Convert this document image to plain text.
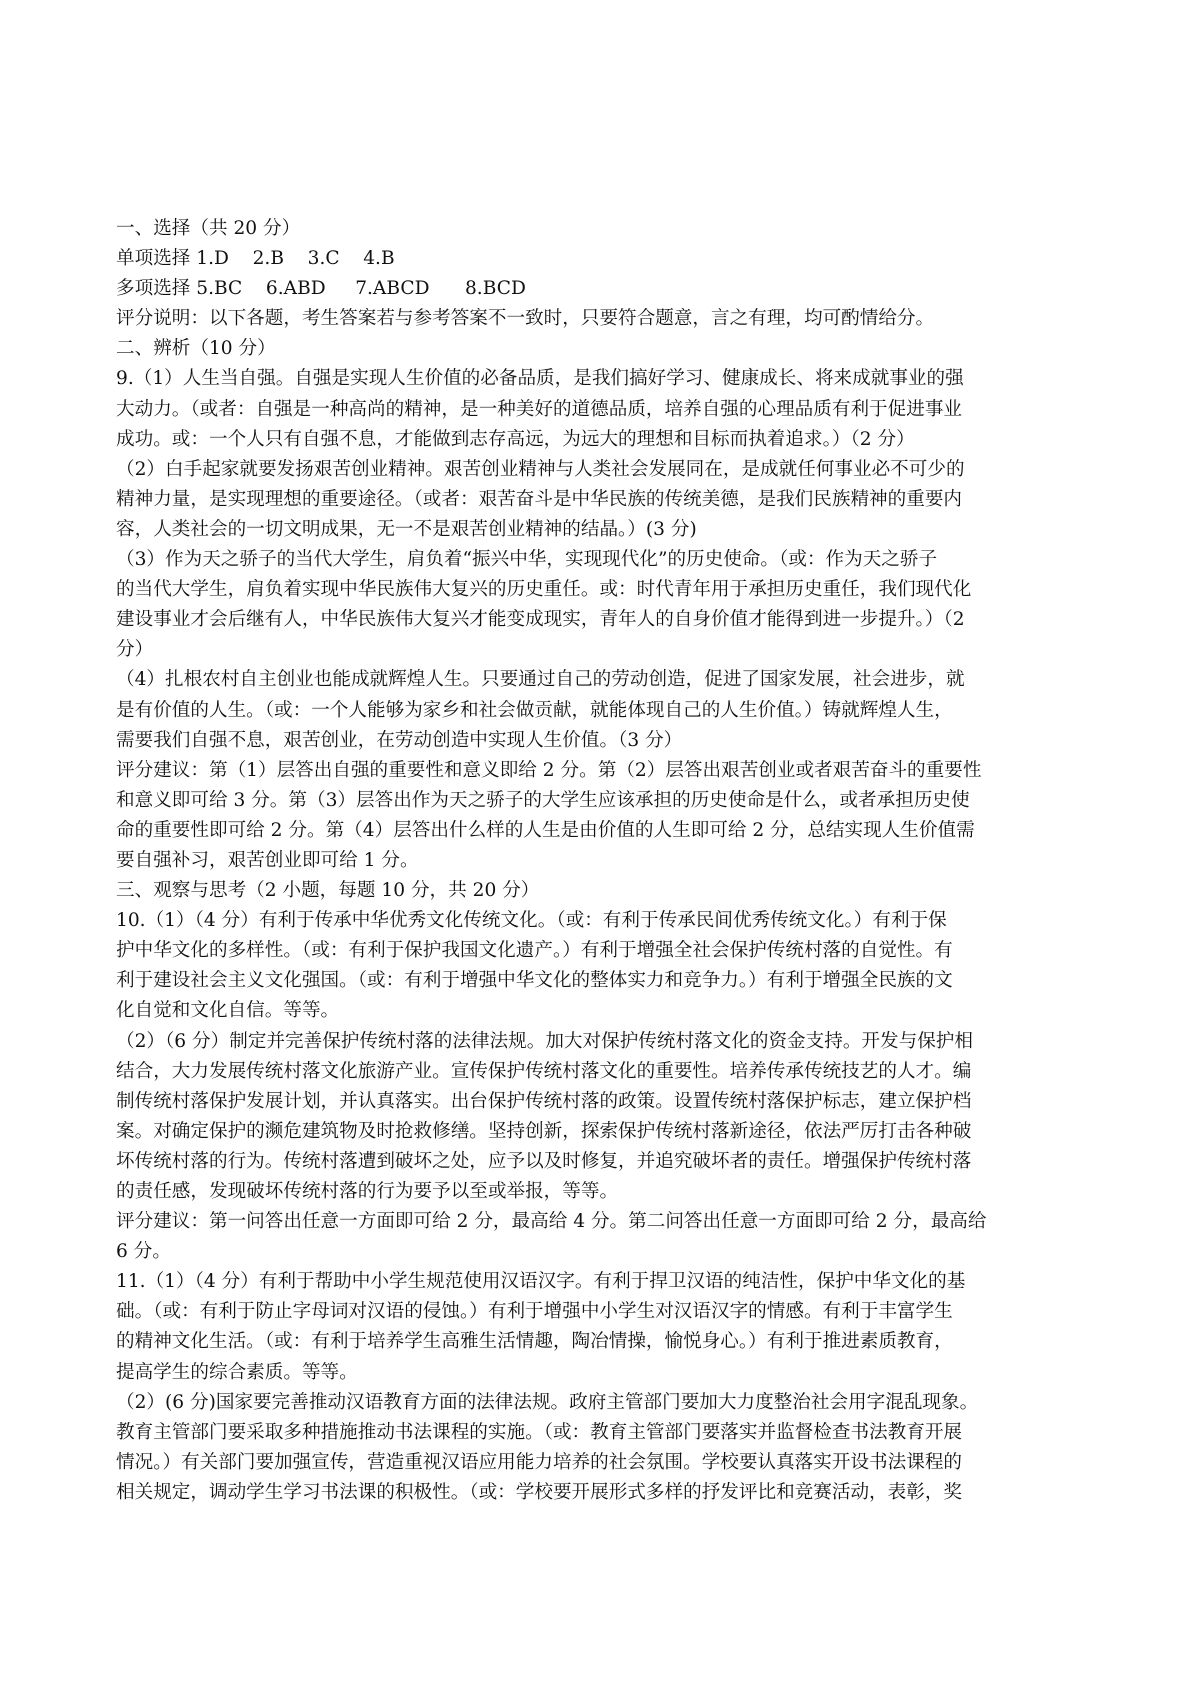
一、选择（共 20 分）
单项选择 1.D    2.B    3.C    4.B
多项选择 5.BC    6.ABD     7.ABCD      8.BCD
评分说明：以下各题，考生答案若与参考答案不一致时，只要符合题意，言之有理，均可酌情给分。
二、辨析（10 分）
9.（1）人生当自强。自强是实现人生价值的必备品质，是我们搞好学习、健康成长、将来成就事业的强
大动力。（或者：自强是一种高尚的精神，是一种美好的道德品质，培养自强的心理品质有利于促进事业
成功。或：一个人只有自强不息，才能做到志存高远，为远大的理想和目标而执着追求。）（2 分）
（2）白手起家就要发扬艰苦创业精神。艰苦创业精神与人类社会发展同在，是成就任何事业必不可少的
精神力量，是实现理想的重要途径。（或者：艰苦奋斗是中华民族的传统美德，是我们民族精神的重要内
容，人类社会的一切文明成果，无一不是艰苦创业精神的结晶。）(3 分)
（3）作为天之骄子的当代大学生，肩负着“振兴中华，实现现代化”的历史使命。（或：作为天之骄子
的当代大学生，肩负着实现中华民族伟大复兴的历史重任。或：时代青年用于承担历史重任，我们现代化
建设事业才会后继有人，中华民族伟大复兴才能变成现实，青年人的自身价值才能得到进一步提升。）（2
分）
（4）扎根农村自主创业也能成就辉煌人生。只要通过自己的劳动创造，促进了国家发展，社会进步，就
是有价值的人生。（或：一个人能够为家乡和社会做贡献，就能体现自己的人生价值。）铸就辉煌人生，
需要我们自强不息，艰苦创业，在劳动创造中实现人生价值。（3 分）
评分建议：第（1）层答出自强的重要性和意义即给 2 分。第（2）层答出艰苦创业或者艰苦奋斗的重要性
和意义即可给 3 分。第（3）层答出作为天之骄子的大学生应该承担的历史使命是什么，或者承担历史使
命的重要性即可给 2 分。第（4）层答出什么样的人生是由价值的人生即可给 2 分，总结实现人生价值需
要自强补习，艰苦创业即可给 1 分。
三、观察与思考（2 小题，每题 10 分，共 20 分）
10.（1）（4 分）有利于传承中华优秀文化传统文化。（或：有利于传承民间优秀传统文化。）有利于保
护中华文化的多样性。（或：有利于保护我国文化遗产。）有利于增强全社会保护传统村落的自觉性。有
利于建设社会主义文化强国。（或：有利于增强中华文化的整体实力和竞争力。）有利于增强全民族的文
化自觉和文化自信。等等。
（2）（6 分）制定并完善保护传统村落的法律法规。加大对保护传统村落文化的资金支持。开发与保护相
结合，大力发展传统村落文化旅游产业。宣传保护传统村落文化的重要性。培养传承传统技艺的人才。编
制传统村落保护发展计划，并认真落实。出台保护传统村落的政策。设置传统村落保护标志，建立保护档
案。对确定保护的濒危建筑物及时抢救修缮。坚持创新，探索保护传统村落新途径，依法严厉打击各种破
坏传统村落的行为。传统村落遭到破坏之处，应予以及时修复，并追究破坏者的责任。增强保护传统村落
的责任感，发现破坏传统村落的行为要予以至或举报，等等。
评分建议：第一问答出任意一方面即可给 2 分，最高给 4 分。第二问答出任意一方面即可给 2 分，最高给
6 分。
11.（1）（4 分）有利于帮助中小学生规范使用汉语汉字。有利于捍卫汉语的纯洁性，保护中华文化的基
础。（或：有利于防止字母词对汉语的侵蚀。）有利于增强中小学生对汉语汉字的情感。有利于丰富学生
的精神文化生活。（或：有利于培养学生高雅生活情趣，陶冶情操，愉悦身心。）有利于推进素质教育，
提高学生的综合素质。等等。
（2）(6 分)国家要完善推动汉语教育方面的法律法规。政府主管部门要加大力度整治社会用字混乱现象。
教育主管部门要采取多种措施推动书法课程的实施。（或：教育主管部门要落实并监督检查书法教育开展
情况。）有关部门要加强宣传，营造重视汉语应用能力培养的社会氛围。学校要认真落实开设书法课程的
相关规定，调动学生学习书法课的积极性。（或：学校要开展形式多样的抒发评比和竞赛活动，表彰，奖
